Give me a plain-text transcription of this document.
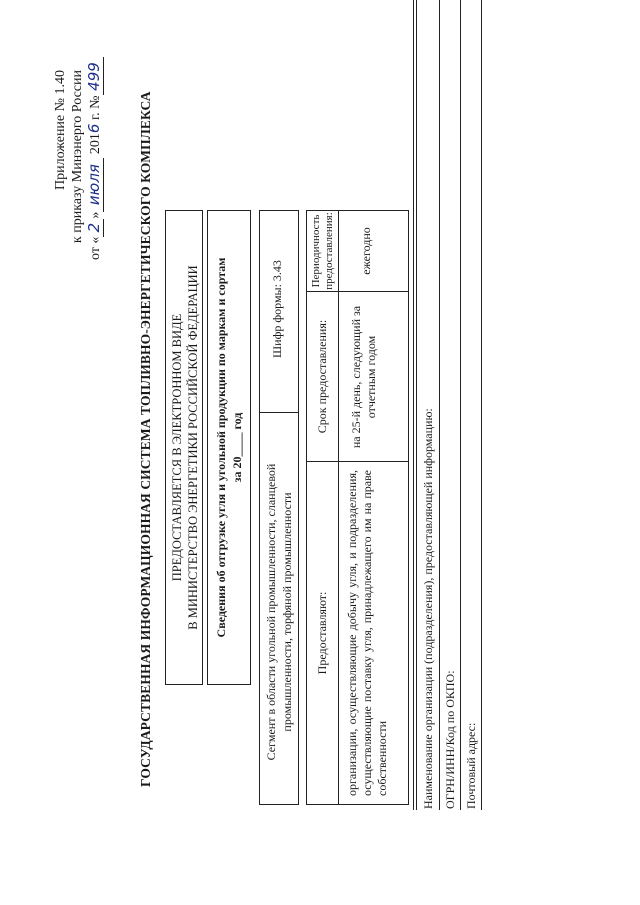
Приложение № 1.40 к приказу Минэнерго России
от «2»июля 2016 г. №499
ГОСУДАРСТВЕННАЯ ИНФОРМАЦИОННАЯ СИСТЕМА ТОПЛИВНО-ЭНЕРГЕТИЧЕСКОГО КОМПЛЕКСА ПРЕДОСТАВЛЯЕТСЯ В ЭЛЕКТРОННОМ ВИДЕ В МИНИСТЕРСТВО ЭНЕРГЕТИКИ РОССИЙСКОЙ ФЕДЕРАЦИИ Сведения об отгрузке угля и угольной продукции по маркам и сортам за 20____ год
Сегмент в области угольной промышленности, сланцевой промышленности, торфяной промышленности
Шифр формы: 3.43
Предоставляют:
Срок предоставления:
Периодичность предоставления:
организации, осуществляющие добычу угля, и подразделения, осуществляющие поставку угля, принадлежащего им на праве собственности
на 25-й день, следующий за отчетным годом
ежегодно
Наименование организации (подразделения), предоставляющей информацию: ОГРН/ИНН/Код по ОКПО: Почтовый адрес:
